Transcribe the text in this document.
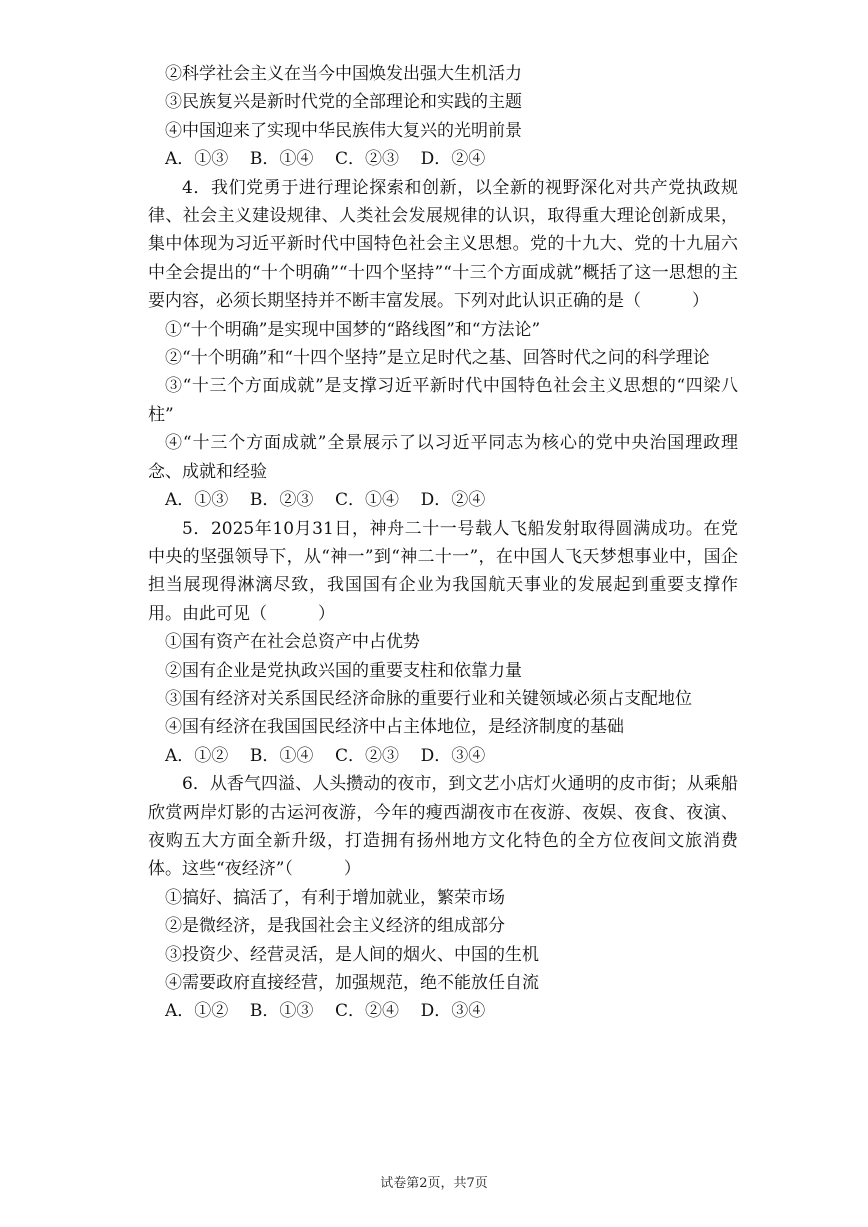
②科学社会主义在当今中国焕发出强大生机活力

③民族复兴是新时代党的全部理论和实践的主题

④中国迎来了实现中华民族伟大复兴的光明前景

A．①③    B．①④    C．②③    D．②④

4．我们党勇于进行理论探索和创新，以全新的视野深化对共产党执政规律、社会主义建设规律、人类社会发展规律的认识，取得重大理论创新成果，集中体现为习近平新时代中国特色社会主义思想。党的十九大、党的十九届六中全会提出的“十个明确”“十四个坚持”“十三个方面成就”概括了这一思想的主要内容，必须长期坚持并不断丰富发展。下列对此认识正确的是（　　　）

①“十个明确”是实现中国梦的“路线图”和“方法论”

②“十个明确”和“十四个坚持”是立足时代之基、回答时代之问的科学理论

③“十三个方面成就”是支撑习近平新时代中国特色社会主义思想的“四梁八柱”

④“十三个方面成就”全景展示了以习近平同志为核心的党中央治国理政理念、成就和经验

A．①③    B．②③    C．①④    D．②④

5．2025年10月31日，神舟二十一号载人飞船发射取得圆满成功。在党中央的坚强领导下，从“神一”到“神二十一”，在中国人飞天梦想事业中，国企担当展现得淋漓尽致，我国国有企业为我国航天事业的发展起到重要支撑作用。由此可见（　　　）

①国有资产在社会总资产中占优势

②国有企业是党执政兴国的重要支柱和依靠力量

③国有经济对关系国民经济命脉的重要行业和关键领域必须占支配地位

④国有经济在我国国民经济中占主体地位，是经济制度的基础

A．①②    B．①④    C．②③    D．③④

6．从香气四溢、人头攒动的夜市，到文艺小店灯火通明的皮市街；从乘船欣赏两岸灯影的古运河夜游，今年的瘦西湖夜市在夜游、夜娱、夜食、夜演、夜购五大方面全新升级，打造拥有扬州地方文化特色的全方位夜间文旅消费体。这些“夜经济”（　　　）

①搞好、搞活了，有利于增加就业，繁荣市场

②是微经济，是我国社会主义经济的组成部分

③投资少、经营灵活，是人间的烟火、中国的生机

④需要政府直接经营，加强规范，绝不能放任自流

A．①②    B．①③    C．②④    D．③④

试卷第2页，共7页
